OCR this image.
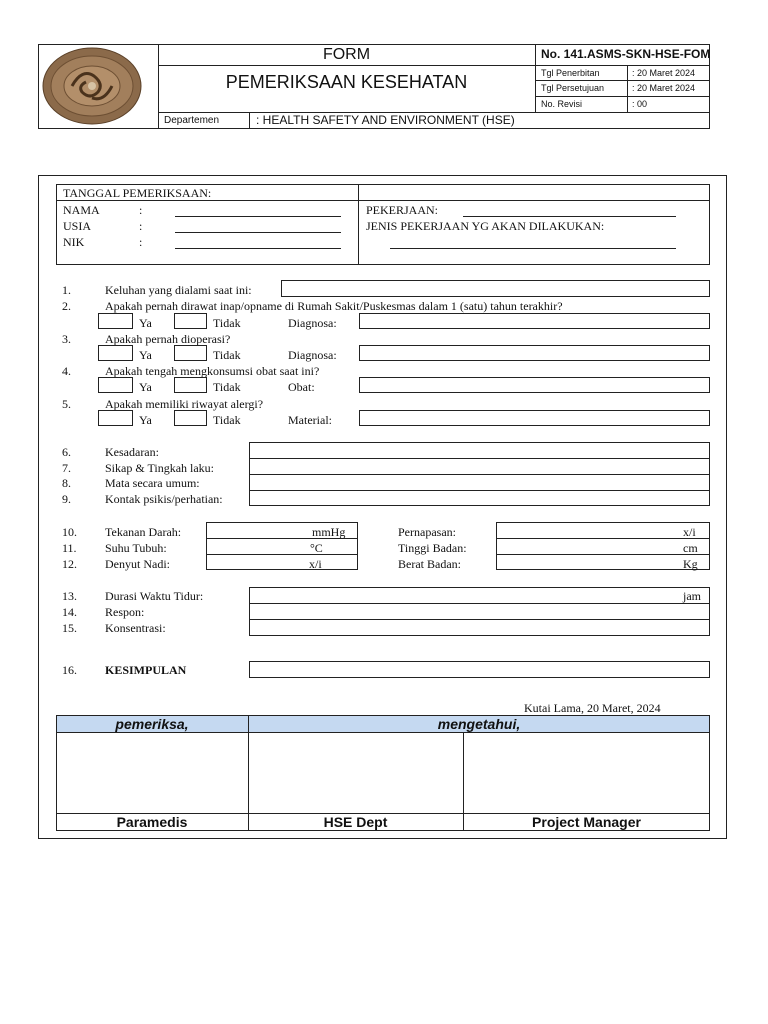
FORM
PEMERIKSAAN KESEHATAN
No. 141.ASMS-SKN-HSE-FOM
Tgl Penerbitan	: 20 Maret 2024
Tgl Persetujuan	: 20 Maret 2024
No. Revisi	: 00
Departemen	: HEALTH SAFETY AND ENVIRONMENT (HSE)
TANGGAL PEMERIKSAAN:
NAMA	:
USIA	:
NIK	:
PEKERJAAN:
JENIS PEKERJAAN YG AKAN DILAKUKAN:
1.	Keluhan yang dialami saat ini:
2.	Apakah pernah dirawat inap/opname di Rumah Sakit/Puskesmas dalam 1 (satu) tahun terakhir?
Ya	Tidak	Diagnosa:
3.	Apakah pernah dioperasi?
Ya	Tidak	Diagnosa:
4.	Apakah tengah mengkonsumsi obat saat ini?
Ya	Tidak	Obat:
5.	Apakah memiliki riwayat alergi?
Ya	Tidak	Material:
6.	Kesadaran:
7.	Sikap & Tingkah laku:
8.	Mata secara umum:
9.	Kontak psikis/perhatian:
10. Tekanan Darah:	mmHg
11. Suhu Tubuh:	°C
12. Denyut Nadi:	x/i
Pernapasan:	x/i
Tinggi Badan:	cm
Berat Badan:	Kg
13. Durasi Waktu Tidur:	jam
14. Respon:
15. Konsentrasi:
16. KESIMPULAN
Kutai Lama, 20 Maret, 2024
pemeriksa,	mengetahui,
Paramedis	HSE Dept	Project Manager
